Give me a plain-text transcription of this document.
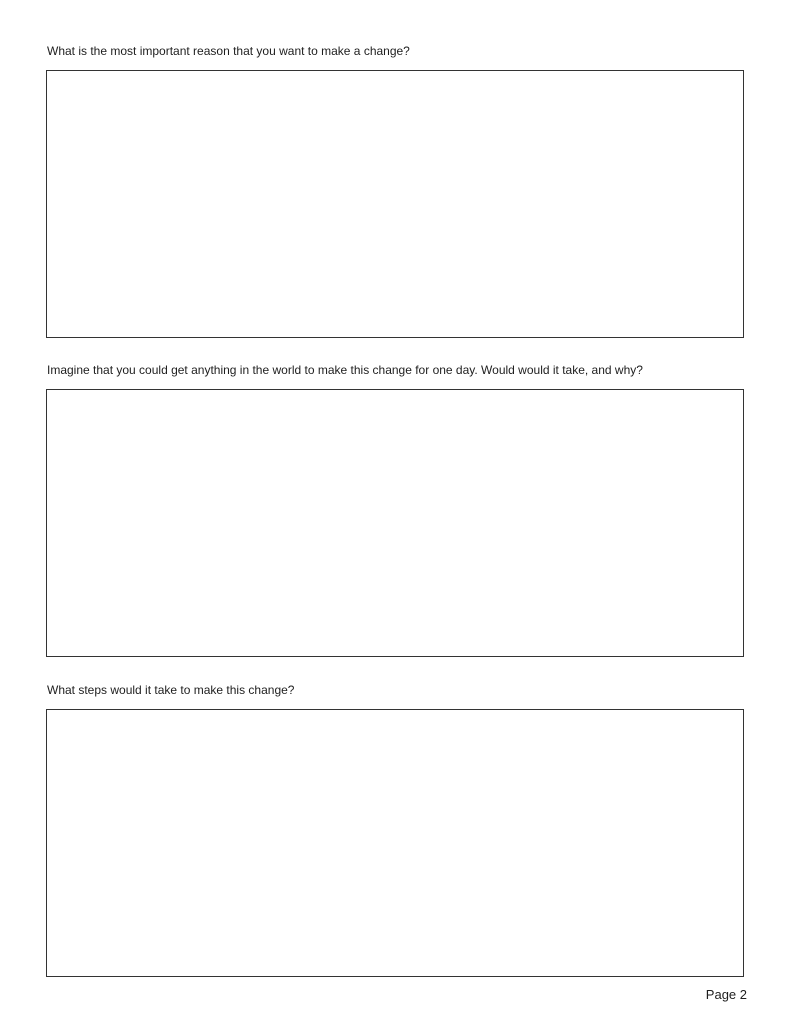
What is the most important reason that you want to make a change?
Imagine that you could get anything in the world to make this change for one day. Would would it take, and why?
What steps would it take to make this change?
Page 2
